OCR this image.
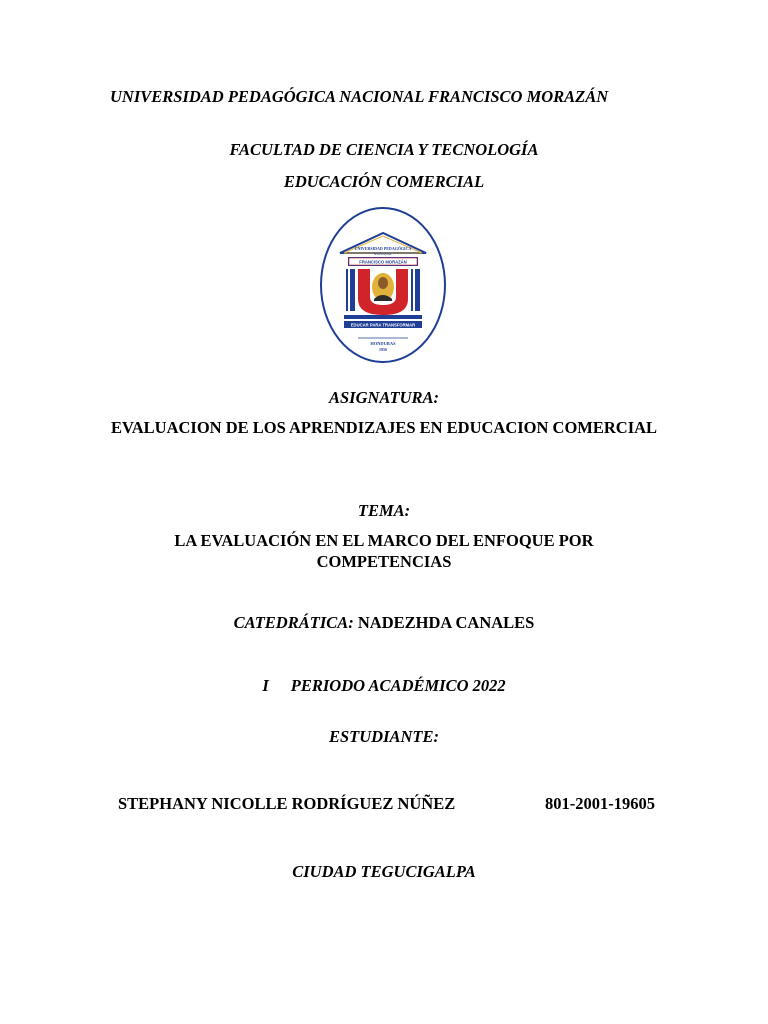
UNIVERSIDAD PEDAGÓGICA NACIONAL FRANCISCO MORAZÁN
FACULTAD DE CIENCIA Y TECNOLOGÍA
EDUCACIÓN COMERCIAL
UNIVERSIDAD PEDAGÓGICA
NACIONAL
FRANCISCO MORAZÁN
EDUCAR PARA TRANSFORMAR
HONDURAS
1956
ASIGNATURA:
EVALUACION DE LOS APRENDIZAJES EN EDUCACION COMERCIAL
TEMA:
LA EVALUACIÓN EN EL MARCO DEL ENFOQUE POR COMPETENCIAS
CATEDRÁTICA: NADEZHDA CANALES
I PERIODO ACADÉMICO 2022
ESTUDIANTE:
STEPHANY NICOLLE RODRÍGUEZ NÚÑEZ	801-2001-19605
CIUDAD TEGUCIGALPA
